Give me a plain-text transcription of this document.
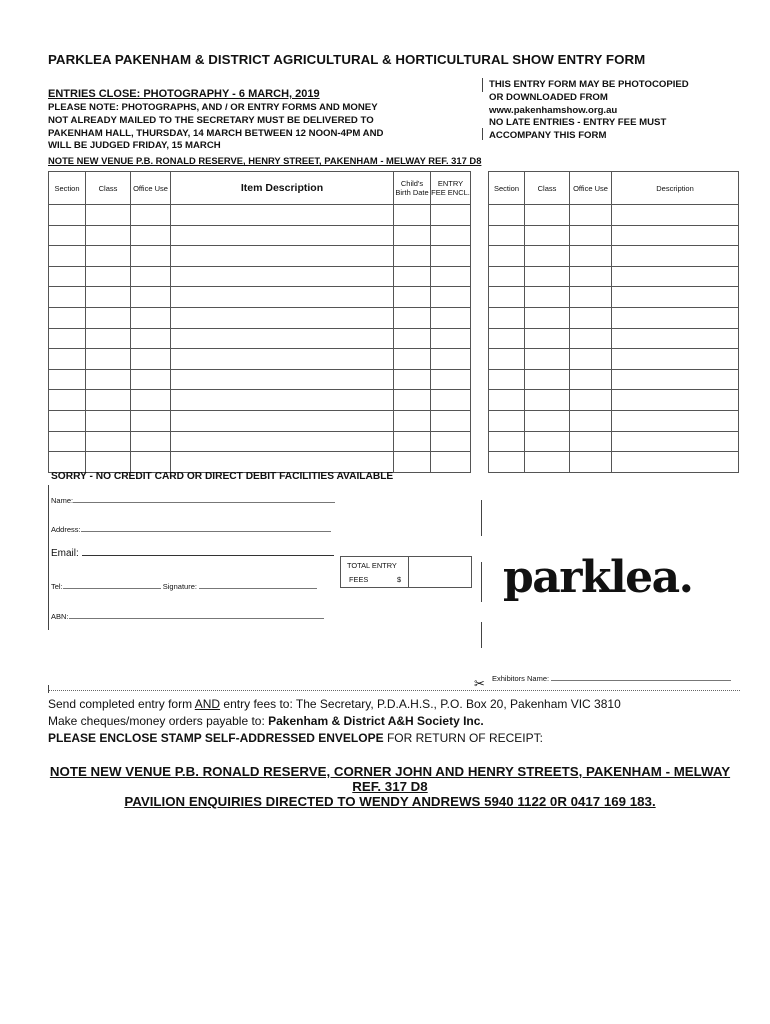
PARKLEA PAKENHAM & DISTRICT AGRICULTURAL & HORTICULTURAL SHOW ENTRY FORM
ENTRIES CLOSE: PHOTOGRAPHY - 6 MARCH, 2019
PLEASE NOTE: PHOTOGRAPHS, AND / OR ENTRY FORMS AND MONEY
NOT ALREADY MAILED TO THE SECRETARY MUST BE DELIVERED TO
PAKENHAM HALL, THURSDAY, 14 MARCH BETWEEN 12 NOON-4PM AND
WILL BE JUDGED FRIDAY, 15 MARCH
THIS ENTRY FORM MAY BE PHOTOCOPIED
OR DOWNLOADED FROM
www.pakenhamshow.org.au
NO LATE ENTRIES - ENTRY FEE MUST
ACCOMPANY THIS FORM
NOTE NEW VENUE P.B. RONALD RESERVE, HENRY STREET, PAKENHAM - MELWAY REF. 317 D8
Section	Class	Office Use	Item Description	Child's Birth Date	ENTRY FEE ENCL.

						Section	Class	Office Use	Description

SORRY - NO CREDIT CARD OR DIRECT DEBIT FACILITIES AVAILABLE
Name:
Address:
Email:
Tel:	Signature:
ABN:
TOTAL ENTRY
FEES	$ parklea.
✂ Exhibitors Name:
Send completed entry form AND entry fees to: The Secretary, P.D.A.H.S., P.O. Box 20, Pakenham VIC 3810
Make cheques/money orders payable to: Pakenham & District A&H Society Inc.
PLEASE ENCLOSE STAMP SELF-ADDRESSED ENVELOPE FOR RETURN OF RECEIPT:
NOTE NEW VENUE P.B. RONALD RESERVE, CORNER JOHN AND HENRY STREETS, PAKENHAM - MELWAY REF. 317 D8
PAVILION ENQUIRIES DIRECTED TO WENDY ANDREWS 5940 1122 0R 0417 169 183.
